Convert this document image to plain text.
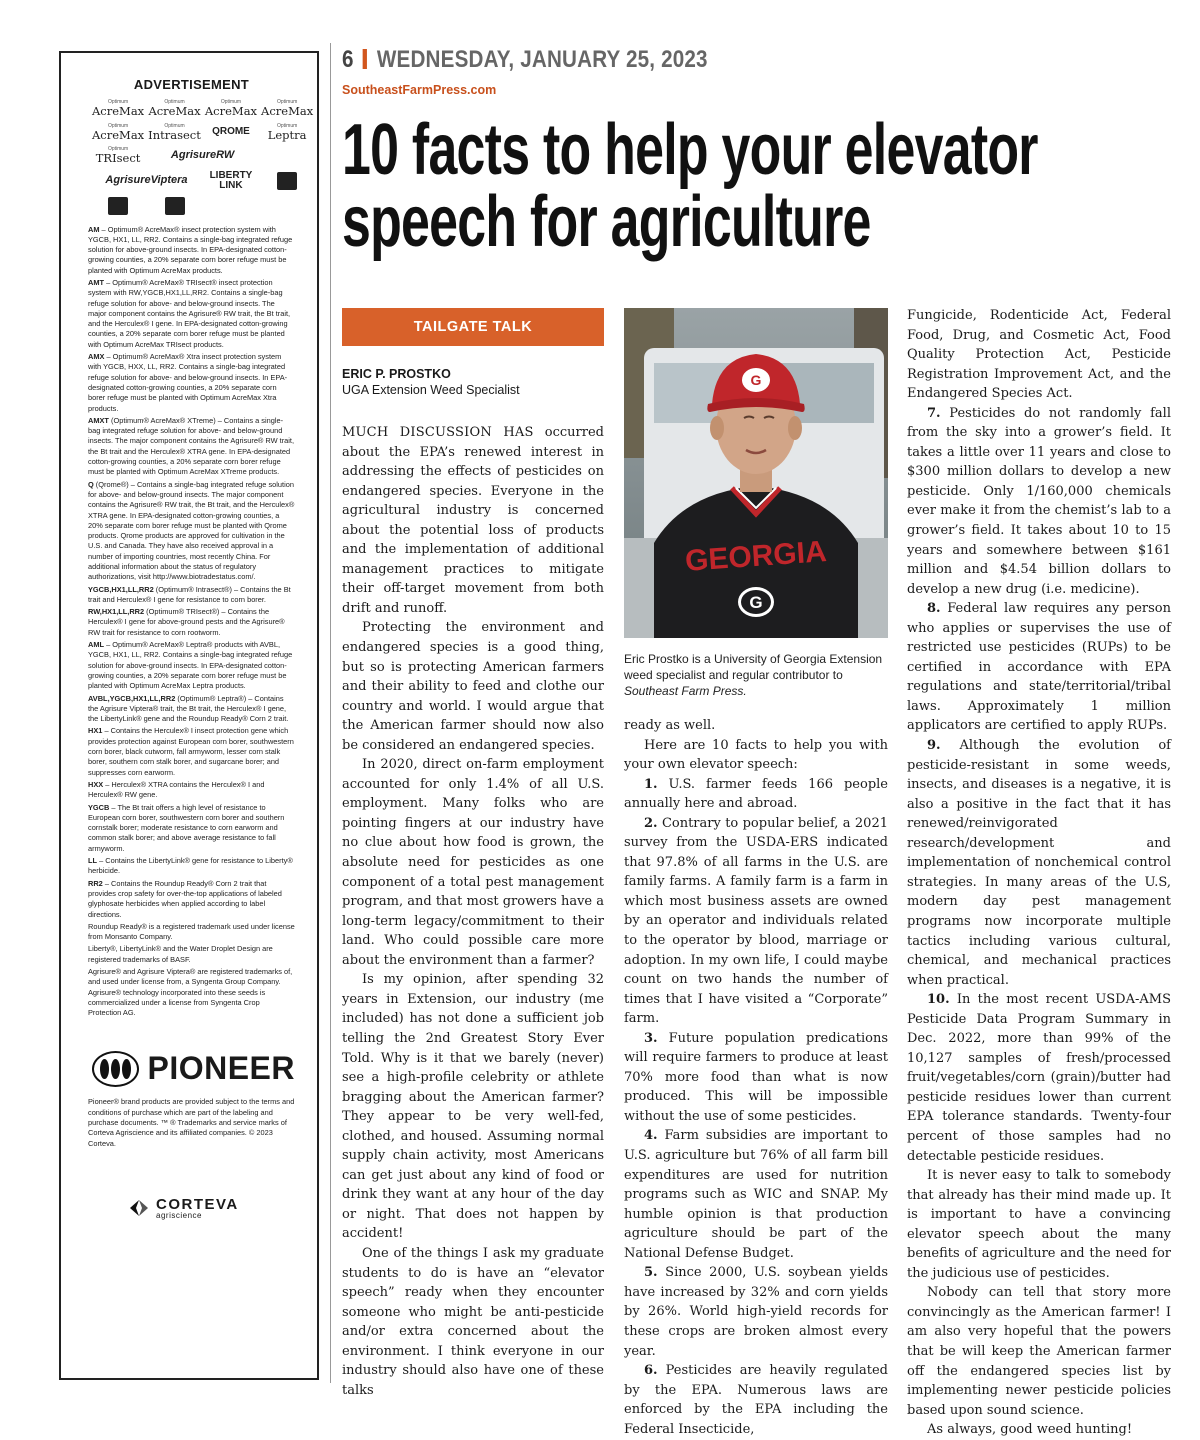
ADVERTISEMENT
Optimum
AcreMax
Optimum
AcreMax
Optimum
AcreMax
Optimum
AcreMax
Optimum
AcreMax
Optimum
Intrasect QROME
Optimum
Leptra
Optimum
TRIsect	AgrisureRW
AgrisureViptera	LIBERTY LINK

AM – Optimum® AcreMax® insect protection system with YGCB, HX1, LL, RR2. Contains a single-bag integrated refuge solution for above-ground insects. In EPA-designated cotton-growing counties, a 20% separate corn borer refuge must be planted with Optimum AcreMax products.

AMT – Optimum® AcreMax® TRIsect® insect protection system with RW,YGCB,HX1,LL,RR2. Contains a single-bag refuge solution for above- and below-ground insects. The major component contains the Agrisure® RW trait, the Bt trait, and the Herculex® I gene. In EPA-designated cotton-growing counties, a 20% separate corn borer refuge must be planted with Optimum AcreMax TRIsect products.

AMX – Optimum® AcreMax® Xtra insect protection system with YGCB, HXX, LL, RR2. Contains a single-bag integrated refuge solution for above- and below-ground insects. In EPA-designated cotton-growing counties, a 20% separate corn borer refuge must be planted with Optimum AcreMax Xtra products.

AMXT (Optimum® AcreMax® XTreme) – Contains a single-bag integrated refuge solution for above- and below-ground insects. The major component contains the Agrisure® RW trait, the Bt trait and the Herculex® XTRA gene. In EPA-designated cotton-growing counties, a 20% separate corn borer refuge must be planted with Optimum AcreMax XTreme products.

Q (Qrome®) – Contains a single-bag integrated refuge solution for above- and below-ground insects. The major component contains the Agrisure® RW trait, the Bt trait, and the Herculex® XTRA gene. In EPA-designated cotton-growing counties, a 20% separate corn borer refuge must be planted with Qrome products. Qrome products are approved for cultivation in the U.S. and Canada. They have also received approval in a number of importing countries, most recently China. For additional information about the status of regulatory authorizations, visit http://www.biotradestatus.com/.

YGCB,HX1,LL,RR2 (Optimum® Intrasect®) – Contains the Bt trait and Herculex® I gene for resistance to corn borer.

RW,HX1,LL,RR2 (Optimum® TRIsect®) – Contains the Herculex® I gene for above-ground pests and the Agrisure® RW trait for resistance to corn rootworm.

AML – Optimum® AcreMax® Leptra® products with AVBL, YGCB, HX1, LL, RR2. Contains a single-bag integrated refuge solution for above-ground insects. In EPA-designated cotton-growing counties, a 20% separate corn borer refuge must be planted with Optimum AcreMax Leptra products.

AVBL,YGCB,HX1,LL,RR2 (Optimum® Leptra®) – Contains the Agrisure Viptera® trait, the Bt trait, the Herculex® I gene, the LibertyLink® gene and the Roundup Ready® Corn 2 trait.

HX1 – Contains the Herculex® I insect protection gene which provides protection against European corn borer, southwestern corn borer, black cutworm, fall armyworm, lesser corn stalk borer, southern corn stalk borer, and sugarcane borer; and suppresses corn earworm.

HXX – Herculex® XTRA contains the Herculex® I and Herculex® RW gene.

YGCB – The Bt trait offers a high level of resistance to European corn borer, southwestern corn borer and southern cornstalk borer; moderate resistance to corn earworm and common stalk borer; and above average resistance to fall armyworm.

LL – Contains the LibertyLink® gene for resistance to Liberty® herbicide.

RR2 – Contains the Roundup Ready® Corn 2 trait that provides crop safety for over-the-top applications of labeled glyphosate herbicides when applied according to label directions.

Roundup Ready® is a registered trademark used under license from Monsanto Company.

Liberty®, LibertyLink® and the Water Droplet Design are registered trademarks of BASF.

Agrisure® and Agrisure Viptera® are registered trademarks of, and used under license from, a Syngenta Group Company. Agrisure® technology incorporated into these seeds is commercialized under a license from Syngenta Crop Protection AG.

PIONEER
Pioneer® brand products are provided subject to the terms and conditions of purchase which are part of the labeling and purchase documents. ™ ® Trademarks and service marks of Corteva Agriscience and its affiliated companies. © 2023 Corteva.
CORTEVA
agriscience
6 WEDNESDAY, JANUARY 25, 2023
SoutheastFarmPress.com
10 facts to help your elevator speech for agriculture
TAILGATE TALK
ERIC P. PROSTKO
UGA Extension Weed Specialist
G
GEORGIA
G
Eric Prostko is a University of Georgia Extension weed specialist and regular contributor to Southeast Farm Press.

MUCH DISCUSSION HAS occurred about the EPA’s renewed interest in addressing the effects of pesticides on endangered species. Everyone in the agricultural industry is concerned about the potential loss of products and the implementation of additional management practices to mitigate their off-target movement from both drift and runoff.

Protecting the environment and endangered species is a good thing, but so is protecting American farmers and their ability to feed and clothe our country and world. I would argue that the American farmer should now also be considered an endangered species.

In 2020, direct on-farm employment accounted for only 1.4% of all U.S. employment. Many folks who are pointing fingers at our industry have no clue about how food is grown, the absolute need for pesticides as one component of a total pest management program, and that most growers have a long-term legacy/commitment to their land. Who could possible care more about the environment than a farmer?

Is my opinion, after spending 32 years in Extension, our industry (me included) has not done a sufficient job telling the 2nd Greatest Story Ever Told. Why is it that we barely (never) see a high-profile celebrity or athlete bragging about the American farmer? They appear to be very well-fed, clothed, and housed. Assuming normal supply chain activity, most Americans can get just about any kind of food or drink they want at any hour of the day or night. That does not happen by accident!

One of the things I ask my graduate students to do is have an “elevator speech” ready when they encounter someone who might be anti-pesticide and/or extra concerned about the environment. I think everyone in our industry should also have one of these talks

ready as well.

Here are 10 facts to help you with your own elevator speech:

1. U.S. farmer feeds 166 people annually here and abroad.

2. Contrary to popular belief, a 2021 survey from the USDA-ERS indicated that 97.8% of all farms in the U.S. are family farms. A family farm is a farm in which most business assets are owned by an operator and individuals related to the operator by blood, marriage or adoption. In my own life, I could maybe count on two hands the number of times that I have visited a “Corporate” farm.

3. Future population predications will require farmers to produce at least 70% more food than what is now produced. This will be impossible without the use of some pesticides.

4. Farm subsidies are important to U.S. agriculture but 76% of all farm bill expenditures are used for nutrition programs such as WIC and SNAP. My humble opinion is that production agriculture should be part of the National Defense Budget.

5. Since 2000, U.S. soybean yields have increased by 32% and corn yields by 26%. World high-yield records for these crops are broken almost every year.

6. Pesticides are heavily regulated by the EPA. Numerous laws are enforced by the EPA including the Federal Insecticide,

Fungicide, Rodenticide Act, Federal Food, Drug, and Cosmetic Act, Food Quality Protection Act, Pesticide Registration Improvement Act, and the Endangered Species Act.

7. Pesticides do not randomly fall from the sky into a grower’s field. It takes a little over 11 years and close to $300 million dollars to develop a new pesticide. Only 1/160,000 chemicals ever make it from the chemist’s lab to a grower’s field. It takes about 10 to 15 years and somewhere between $161 million and $4.54 billion dollars to develop a new drug (i.e. medicine).

8. Federal law requires any person who applies or supervises the use of restricted use pesticides (RUPs) to be certified in accordance with EPA regulations and state/territorial/tribal laws. Approximately 1 million applicators are certified to apply RUPs.

9. Although the evolution of pesticide-resistant in some weeds, insects, and diseases is a negative, it is also a positive in the fact that it has renewed/reinvigorated research/development and implementation of nonchemical control strategies. In many areas of the U.S, modern day pest management programs now incorporate multiple tactics including various cultural, chemical, and mechanical practices when practical.

10. In the most recent USDA-AMS Pesticide Data Program Summary in Dec. 2022, more than 99% of the 10,127 samples of fresh/processed fruit/vegetables/corn (grain)/butter had pesticide residues lower than current EPA tolerance standards. Twenty-four percent of those samples had no detectable pesticide residues.

It is never easy to talk to somebody that already has their mind made up. It is important to have a convincing elevator speech about the many benefits of agriculture and the need for the judicious use of pesticides.

Nobody can tell that story more convincingly as the American farmer! I am also very hopeful that the powers that be will keep the American farmer off the endangered species list by implementing newer pesticide policies based upon sound science.

As always, good weed hunting!
